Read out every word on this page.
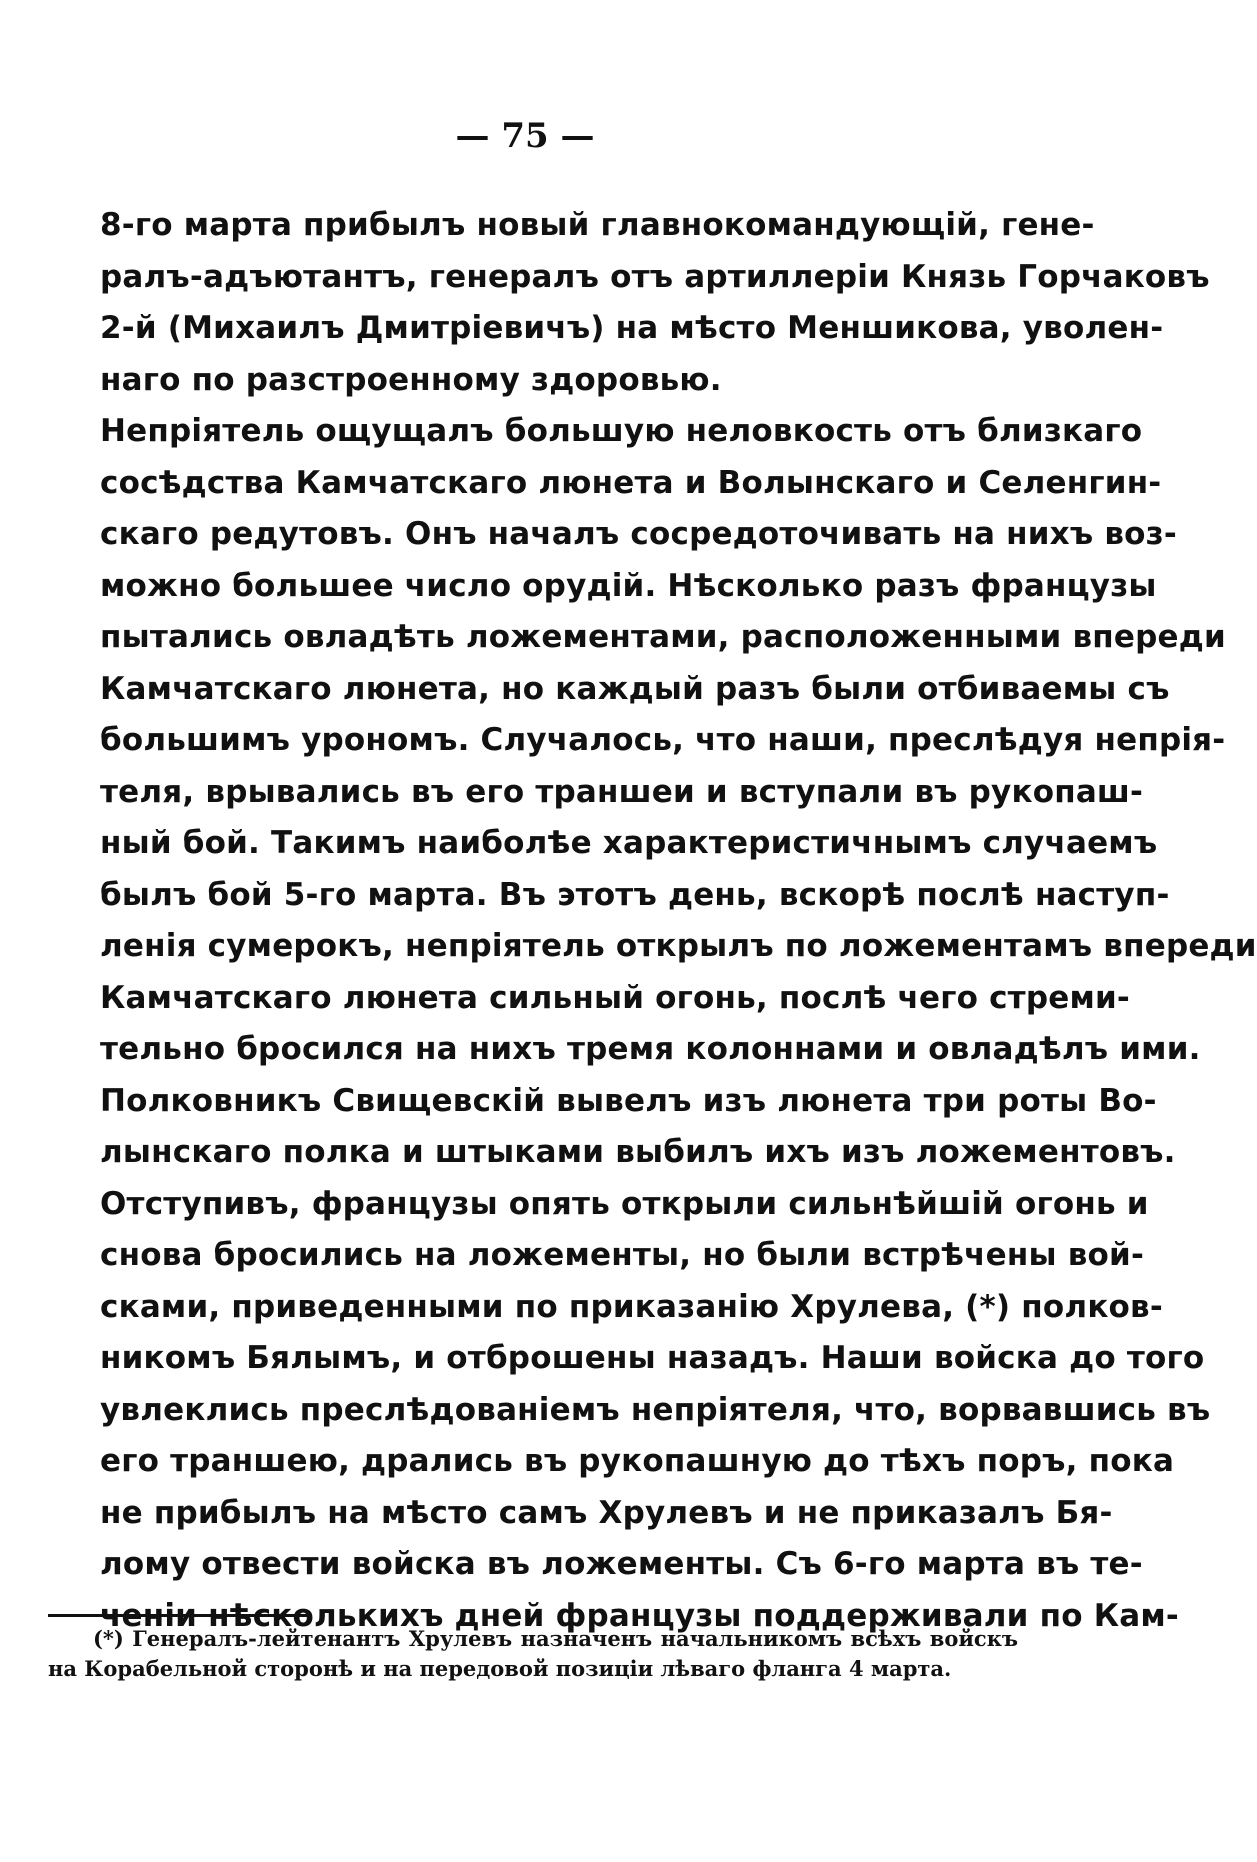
— 75 —
8-го марта прибылъ новый главнокомандующій, гене-
ралъ-адъютантъ, генералъ отъ артиллеріи Князь Горчаковъ
2-й (Михаилъ Дмитріевичъ) на мѣсто Меншикова, уволен-
наго по разстроенному здоровью.
Непріятель ощущалъ большую неловкость отъ близкаго
сосѣдства Камчатскаго люнета и Волынскаго и Селенгин-
скаго редутовъ. Онъ началъ сосредоточивать на нихъ воз-
можно большее число орудій. Нѣсколько разъ французы
пытались овладѣть ложементами, расположенными впереди
Камчатскаго люнета, но каждый разъ были отбиваемы съ
большимъ урономъ. Случалось, что наши, преслѣдуя непрія-
теля, врывались въ его траншеи и вступали въ рукопаш-
ный бой. Такимъ наиболѣе характеристичнымъ случаемъ
былъ бой 5-го марта. Въ этотъ день, вскорѣ послѣ наступ-
ленія сумерокъ, непріятель открылъ по ложементамъ впереди
Камчатскаго люнета сильный огонь, послѣ чего стреми-
тельно бросился на нихъ тремя колоннами и овладѣлъ ими.
Полковникъ Свищевскій вывелъ изъ люнета три роты Во-
лынскаго полка и штыками выбилъ ихъ изъ ложементовъ.
Отступивъ, французы опять открыли сильнѣйшій огонь и
снова бросились на ложементы, но были встрѣчены вой-
сками, приведенными по приказанію Хрулева, (*) полков-
никомъ Бялымъ, и отброшены назадъ. Наши войска до того
увлеклись преслѣдованіемъ непріятеля, что, ворвавшись въ
его траншею, дрались въ рукопашную до тѣхъ поръ, пока
не прибылъ на мѣсто самъ Хрулевъ и не приказалъ Бя-
лому отвести войска въ ложементы. Съ 6-го марта въ те-
ченіи нѣсколькихъ дней французы поддерживали по Кам-
(*) Генералъ-лейтенантъ Хрулевъ назначенъ начальникомъ всѣхъ войскъ
на Корабельной сторонѣ и на передовой позиціи лѣваго фланга 4 марта.
